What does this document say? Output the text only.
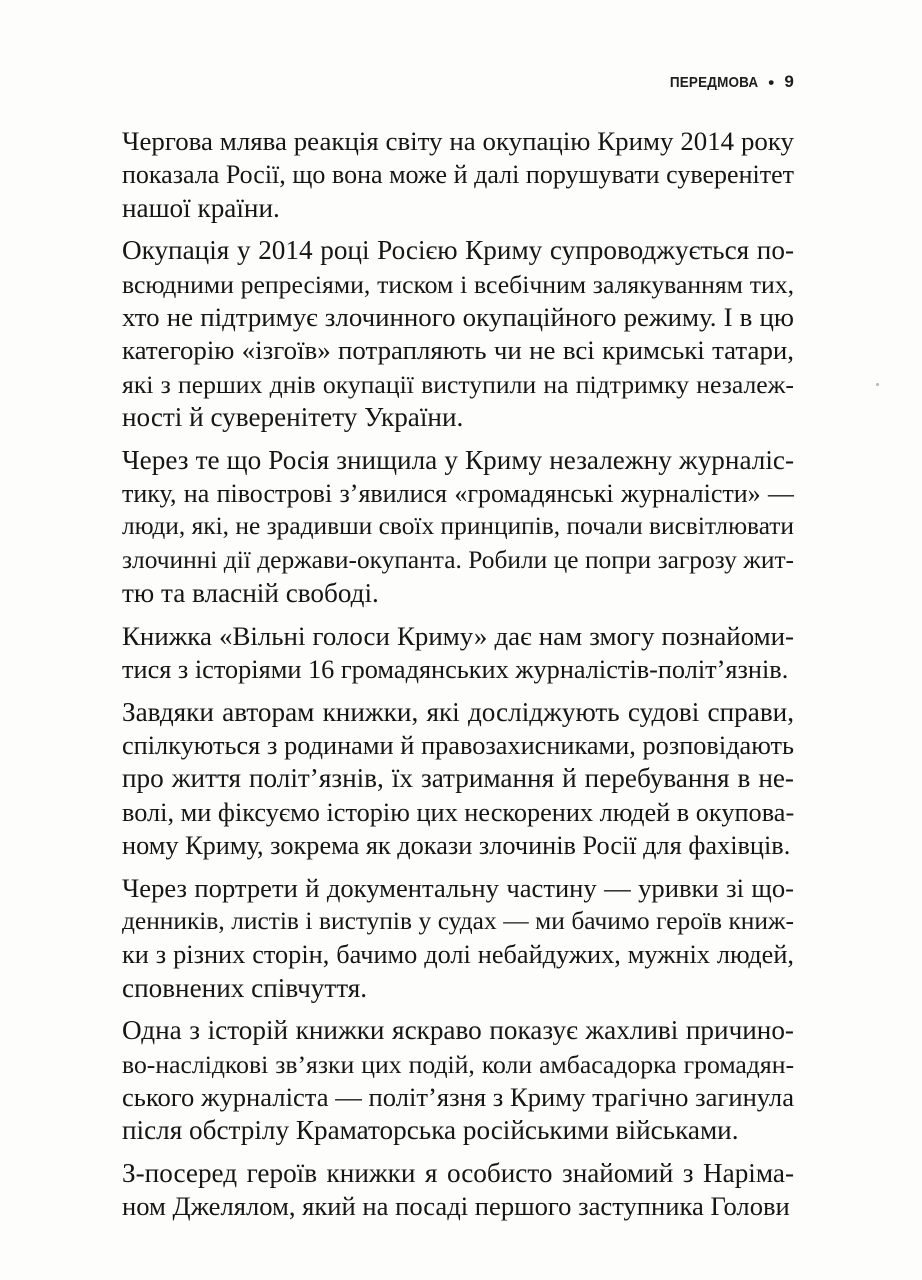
ПЕРЕДМОВА • 9

Чергова млява реакція світу на окупацію Криму 2014 року
показала Росії, що вона може й далі порушувати суверенітет
нашої країни.

Окупація у 2014 році Росією Криму супроводжується по-
всюдними репресіями, тиском і всебічним залякуванням тих,
хто не підтримує злочинного окупаційного режиму. І в цю
категорію «ізгоїв» потрапляють чи не всі кримські татари,
які з перших днів окупації виступили на підтримку незалеж-
ності й суверенітету України.

Через те що Росія знищила у Криму незалежну журналіс-
тику, на півострові з’явилися «громадянські журналісти» —
люди, які, не зрадивши своїх принципів, почали висвітлювати
злочинні дії держави-окупанта. Робили це попри загрозу жит-
тю та власній свободі.

Книжка «Вільні голоси Криму» дає нам змогу познайоми-
тися з історіями 16 громадянських журналістів-політ’язнів.

Завдяки авторам книжки, які досліджують судові справи,
спілкуються з родинами й правозахисниками, розповідають
про життя політ’язнів, їх затримання й перебування в не-
волі, ми фіксуємо історію цих нескорених людей в окупова-
ному Криму, зокрема як докази злочинів Росії для фахівців.

Через портрети й документальну частину — уривки зі що-
денників, листів і виступів у судах — ми бачимо героїв книж-
ки з різних сторін, бачимо долі небайдужих, мужніх людей,
сповнених співчуття.

Одна з історій книжки яскраво показує жахливі причино-
во-наслідкові зв’язки цих подій, коли амбасадорка громадян-
ського журналіста — політ’язня з Криму трагічно загинула
після обстрілу Краматорська російськими військами.

З-посеред героїв книжки я особисто знайомий з Наріма-
ном Джелялом, який на посаді першого заступника Голови
